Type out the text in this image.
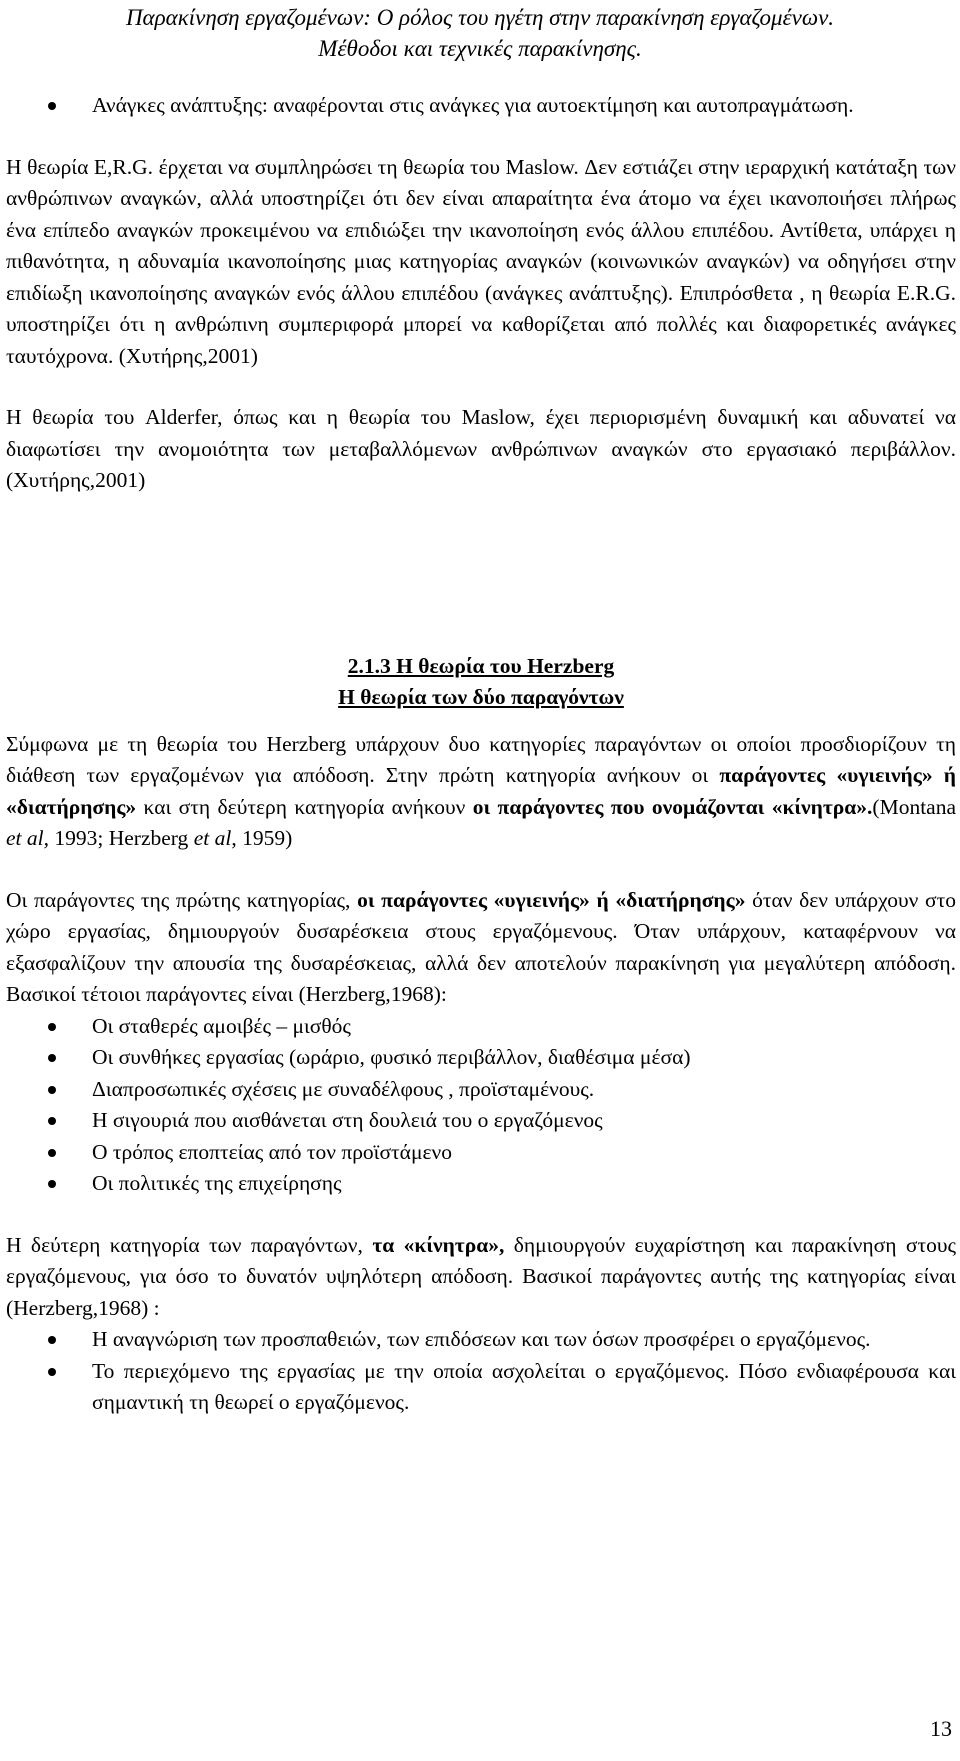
Παρακίνηση εργαζομένων: Ο ρόλος του ηγέτη στην παρακίνηση εργαζομένων.
Μέθοδοι και τεχνικές παρακίνησης.
Ανάγκες ανάπτυξης: αναφέρονται στις ανάγκες για αυτοεκτίμηση και αυτοπραγμάτωση.

Η θεωρία E,R.G. έρχεται να συμπληρώσει τη θεωρία του Maslow. Δεν εστιάζει στην ιεραρχική κατάταξη των ανθρώπινων αναγκών, αλλά υποστηρίζει ότι δεν είναι απαραίτητα ένα άτομο να έχει ικανοποιήσει πλήρως ένα επίπεδο αναγκών προκειμένου να επιδιώξει την ικανοποίηση ενός άλλου επιπέδου. Αντίθετα, υπάρχει η πιθανότητα, η αδυναμία ικανοποίησης μιας κατηγορίας αναγκών (κοινωνικών αναγκών) να οδηγήσει στην επιδίωξη ικανοποίησης αναγκών ενός άλλου επιπέδου (ανάγκες ανάπτυξης). Επιπρόσθετα , η θεωρία E.R.G. υποστηρίζει ότι η ανθρώπινη συμπεριφορά μπορεί να καθορίζεται από πολλές και διαφορετικές ανάγκες ταυτόχρονα. (Χυτήρης,2001)

Η θεωρία του Alderfer, όπως και η θεωρία του Maslow, έχει περιορισμένη δυναμική και αδυνατεί να διαφωτίσει την ανομοιότητα των μεταβαλλόμενων ανθρώπινων αναγκών στο εργασιακό περιβάλλον. (Χυτήρης,2001)

2.1.3 Η θεωρία του Herzberg
Η θεωρία των δύο παραγόντων

Σύμφωνα με τη θεωρία του Herzberg υπάρχουν δυο κατηγορίες παραγόντων οι οποίοι προσδιορίζουν τη διάθεση των εργαζομένων για απόδοση. Στην πρώτη κατηγορία ανήκουν οι παράγοντες «υγιεινής» ή «διατήρησης» και στη δεύτερη κατηγορία ανήκουν οι παράγοντες που ονομάζονται «κίνητρα».(Montana et al, 1993; Herzberg et al, 1959)

Οι παράγοντες της πρώτης κατηγορίας, οι παράγοντες «υγιεινής» ή «διατήρησης» όταν δεν υπάρχουν στο χώρο εργασίας, δημιουργούν δυσαρέσκεια στους εργαζόμενους. Όταν υπάρχουν, καταφέρνουν να εξασφαλίζουν την απουσία της δυσαρέσκειας, αλλά δεν αποτελούν παρακίνηση για μεγαλύτερη απόδοση. Βασικοί τέτοιοι παράγοντες είναι (Herzberg,1968):

Οι σταθερές αμοιβές – μισθός
Οι συνθήκες εργασίας (ωράριο, φυσικό περιβάλλον, διαθέσιμα μέσα)
Διαπροσωπικές σχέσεις με συναδέλφους , προϊσταμένους.
Η σιγουριά που αισθάνεται στη δουλειά του ο εργαζόμενος
Ο τρόπος εποπτείας από τον προϊστάμενο
Οι πολιτικές της επιχείρησης

Η δεύτερη κατηγορία των παραγόντων, τα «κίνητρα», δημιουργούν ευχαρίστηση και παρακίνηση στους εργαζόμενους, για όσο το δυνατόν υψηλότερη απόδοση. Βασικοί παράγοντες αυτής της κατηγορίας είναι (Herzberg,1968) :

Η αναγνώριση των προσπαθειών, των επιδόσεων και των όσων προσφέρει ο εργαζόμενος.
Το περιεχόμενο της εργασίας με την οποία ασχολείται ο εργαζόμενος. Πόσο ενδιαφέρουσα και σημαντική τη θεωρεί ο εργαζόμενος.
13
